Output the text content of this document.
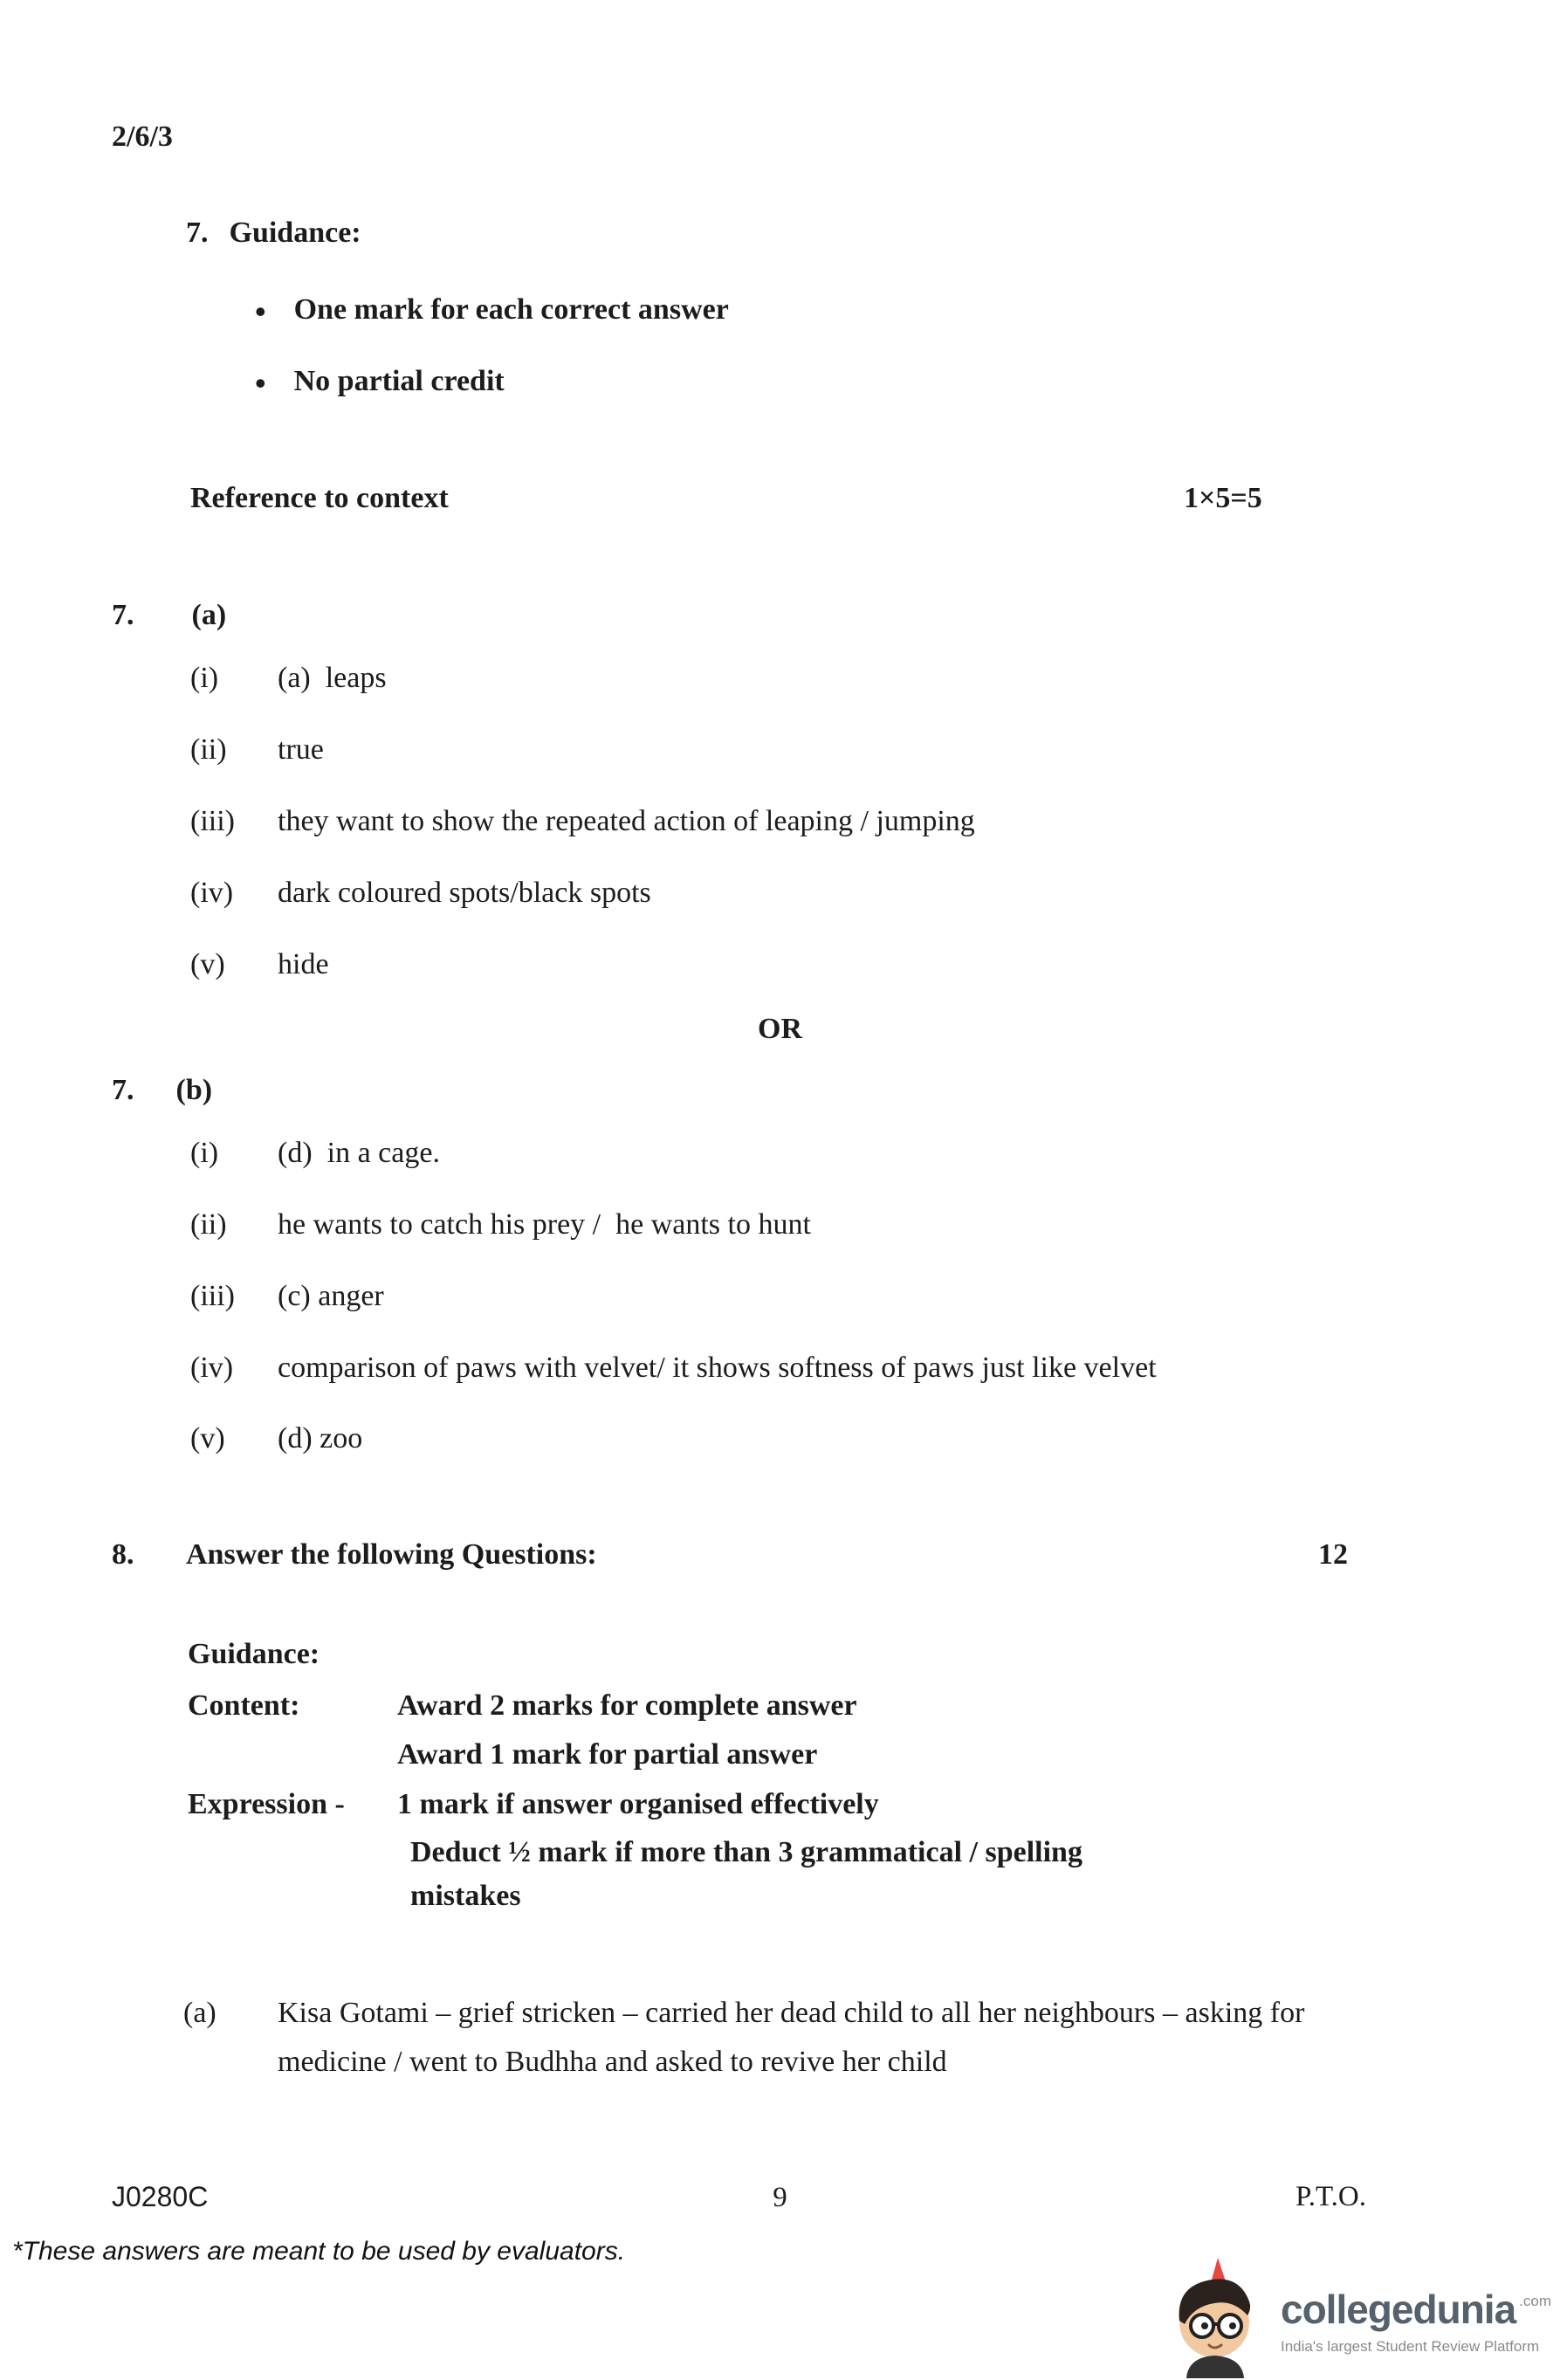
2/6/3
7. Guidance:
•
One mark for each correct answer
•
No partial credit
Reference to context	1×5=5
7. (a)
(i)	(a)  leaps
(ii)	true
(iii)	they want to show the repeated action of leaping / jumping
(iv)	dark coloured spots/black spots
(v)	hide
OR
7. (b)
(i)	(d)  in a cage.
(ii)	he wants to catch his prey /  he wants to hunt
(iii)	(c) anger
(iv)	comparison of paws with velvet/ it shows softness of paws just like velvet
(v)	(d) zoo
8. Answer the following Questions:	12
Guidance:
Content:	Award 2 marks for complete answer
Award 1 mark for partial answer
Expression -	1 mark if answer organised effectively
Deduct ½ mark if more than 3 grammatical / spelling
mistakes
(a)	Kisa Gotami – grief stricken – carried her dead child to all her neighbours – asking for medicine / went to Budhha and asked to revive her child
J0280C	9	P.T.O.
*These answers are meant to be used by evaluators.
collegedunia .com
India's largest Student Review Platform
